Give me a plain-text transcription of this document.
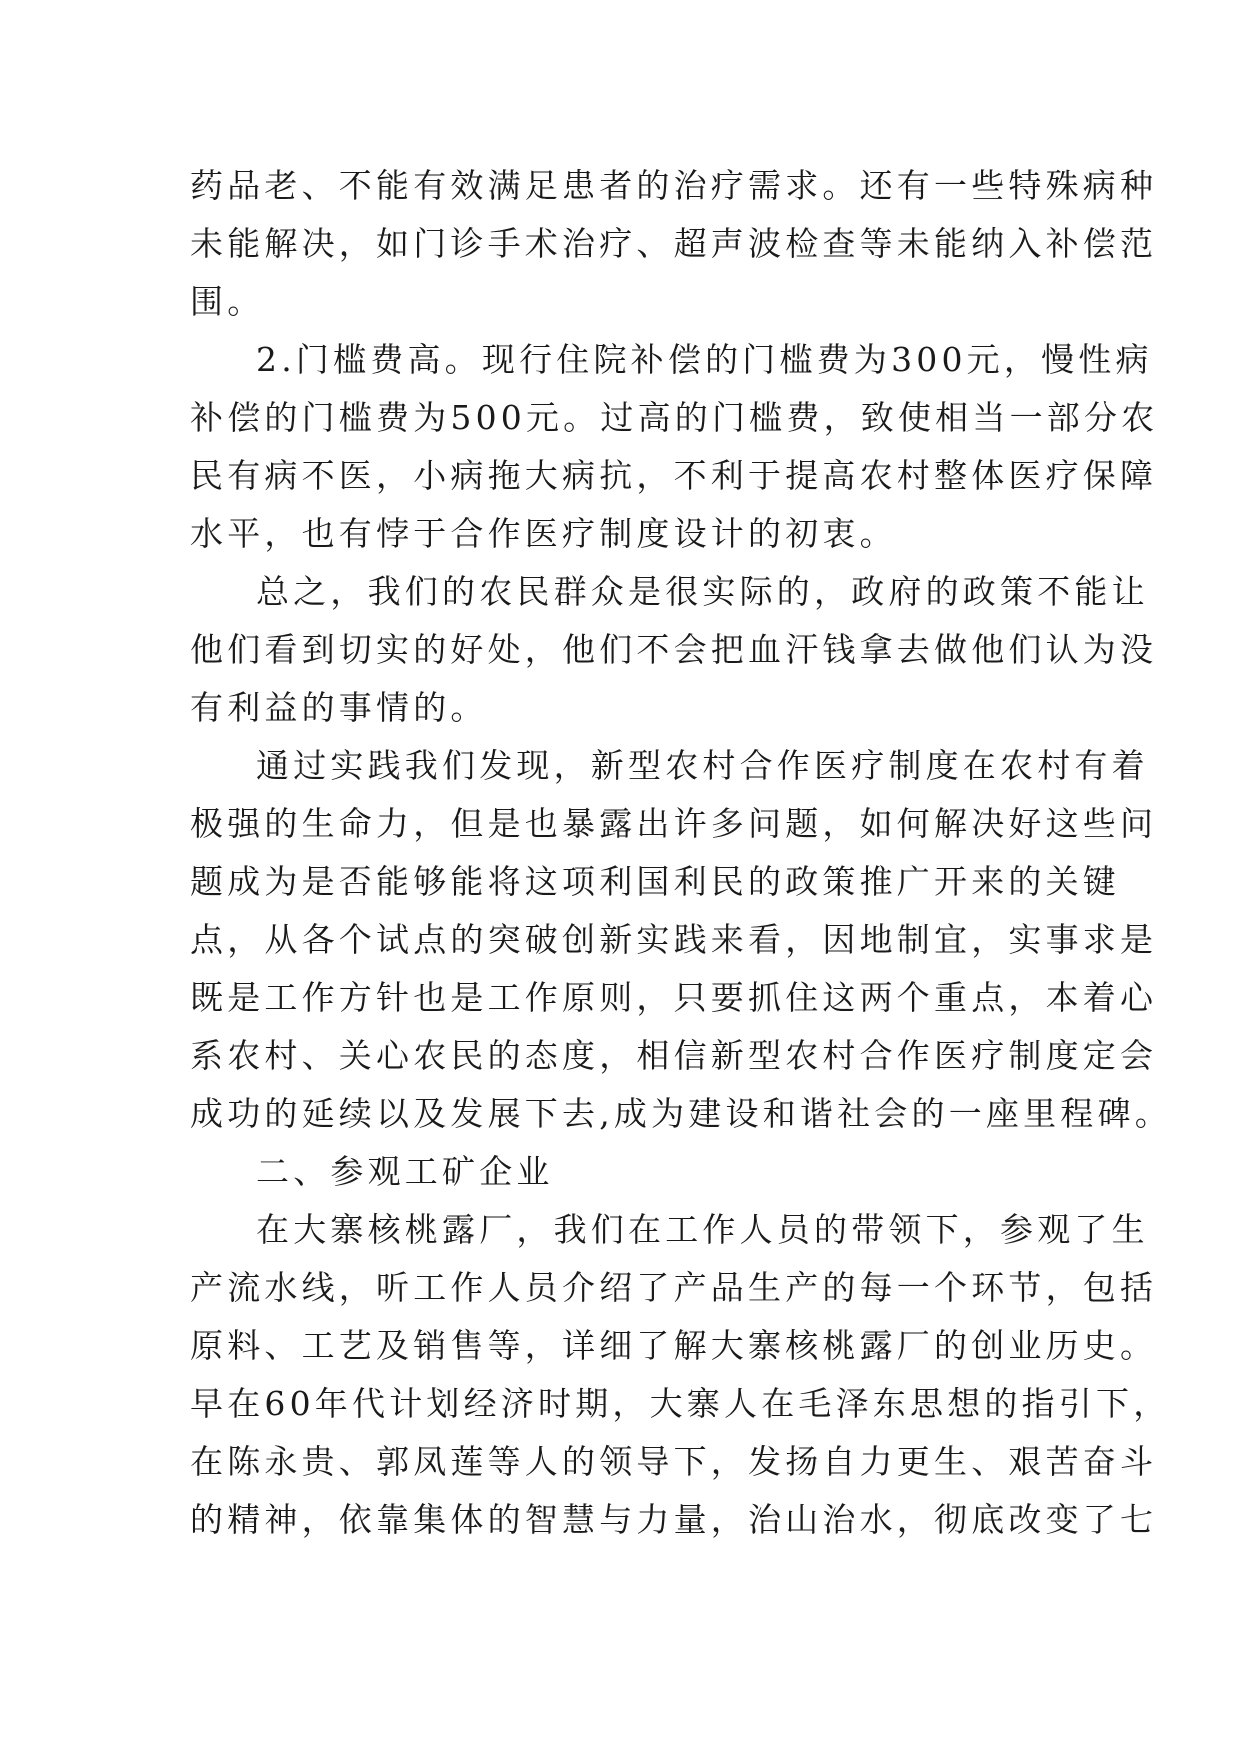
药品老、不能有效满足患者的治疗需求。还有一些特殊病种
未能解决，如门诊手术治疗、超声波检查等未能纳入补偿范
围。
2.门槛费高。现行住院补偿的门槛费为300元，慢性病
补偿的门槛费为500元。过高的门槛费，致使相当一部分农
民有病不医，小病拖大病抗，不利于提高农村整体医疗保障
水平，也有悖于合作医疗制度设计的初衷。
总之，我们的农民群众是很实际的，政府的政策不能让
他们看到切实的好处，他们不会把血汗钱拿去做他们认为没
有利益的事情的。
通过实践我们发现，新型农村合作医疗制度在农村有着
极强的生命力，但是也暴露出许多问题，如何解决好这些问
题成为是否能够能将这项利国利民的政策推广开来的关键
点，从各个试点的突破创新实践来看，因地制宜，实事求是
既是工作方针也是工作原则，只要抓住这两个重点，本着心
系农村、关心农民的态度，相信新型农村合作医疗制度定会
成功的延续以及发展下去,成为建设和谐社会的一座里程碑。
二、参观工矿企业
在大寨核桃露厂，我们在工作人员的带领下，参观了生
产流水线，听工作人员介绍了产品生产的每一个环节，包括
原料、工艺及销售等，详细了解大寨核桃露厂的创业历史。
早在60年代计划经济时期，大寨人在毛泽东思想的指引下，
在陈永贵、郭凤莲等人的领导下，发扬自力更生、艰苦奋斗
的精神，依靠集体的智慧与力量，治山治水，彻底改变了七
